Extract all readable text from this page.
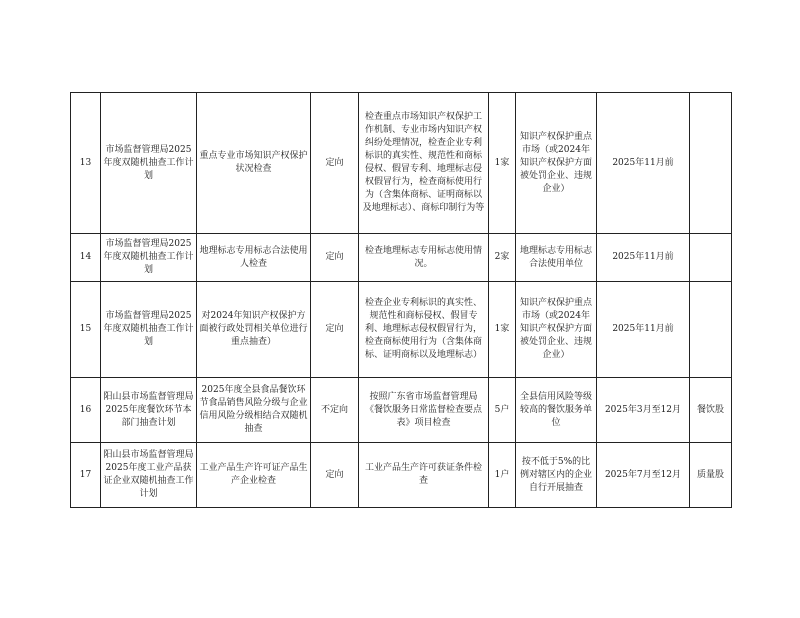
13	市场监督管理局2025年度双随机抽查工作计划	重点专业市场知识产权保护状况检查	定向	检查重点市场知识产权保护工作机制、专业市场内知识产权纠纷处理情况，检查企业专利标识的真实性、规范性和商标侵权、假冒专利、地理标志侵权假冒行为，检查商标使用行为（含集体商标、证明商标以及地理标志）、商标印制行为等	1家	知识产权保护重点市场（或2024年知识产权保护方面被处罚企业、违规企业）	2025年11月前	
14	市场监督管理局2025年度双随机抽查工作计划	地理标志专用标志合法使用人检查	定向	检查地理标志专用标志使用情况。	2家	地理标志专用标志合法使用单位	2025年11月前	
15	市场监督管理局2025年度双随机抽查工作计划	对2024年知识产权保护方面被行政处罚相关单位进行重点抽查）	定向	检查企业专利标识的真实性、规范性和商标侵权、假冒专利、地理标志侵权假冒行为，检查商标使用行为（含集体商标、证明商标以及地理标志）	1家	知识产权保护重点市场（或2024年知识产权保护方面被处罚企业、违规企业）	2025年11月前	
16	阳山县市场监督管理局2025年度餐饮环节本部门抽查计划	2025年度全县食品餐饮环节食品销售风险分级与企业信用风险分级相结合双随机抽查	不定向	按照广东省市场监督管理局《餐饮服务日常监督检查要点表》项目检查	5户	全县信用风险等级较高的餐饮服务单位	2025年3月至12月	餐饮股
17	阳山县市场监督管理局2025年度工业产品获证企业双随机抽查工作计划	工业产品生产许可证产品生产企业检查	定向	工业产品生产许可获证条件检查	1户	按不低于5%的比例对辖区内的企业自行开展抽查	2025年7月至12月	质量股
